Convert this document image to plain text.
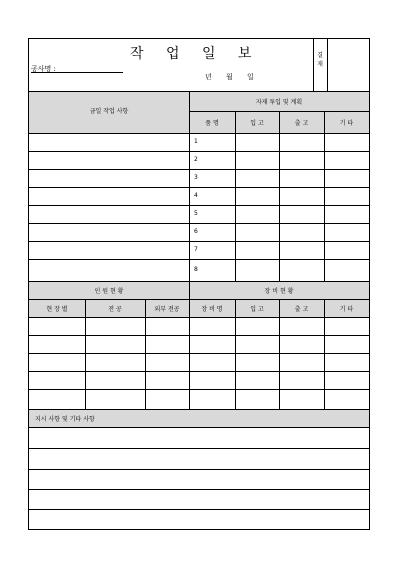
작 업 일 보
공사명 :
년 월 일
결재
금일 작업 사항
자재 투입 및 계획
품 명	입 고	출 고	기 타
1
2
3
4
5
6
7
8
인 원 현 황	장 비 현 황
현 장 별	전 공	외부 전공	장 비 명	입 고	출 고	기 타
지시 사항 및 기타 사항
